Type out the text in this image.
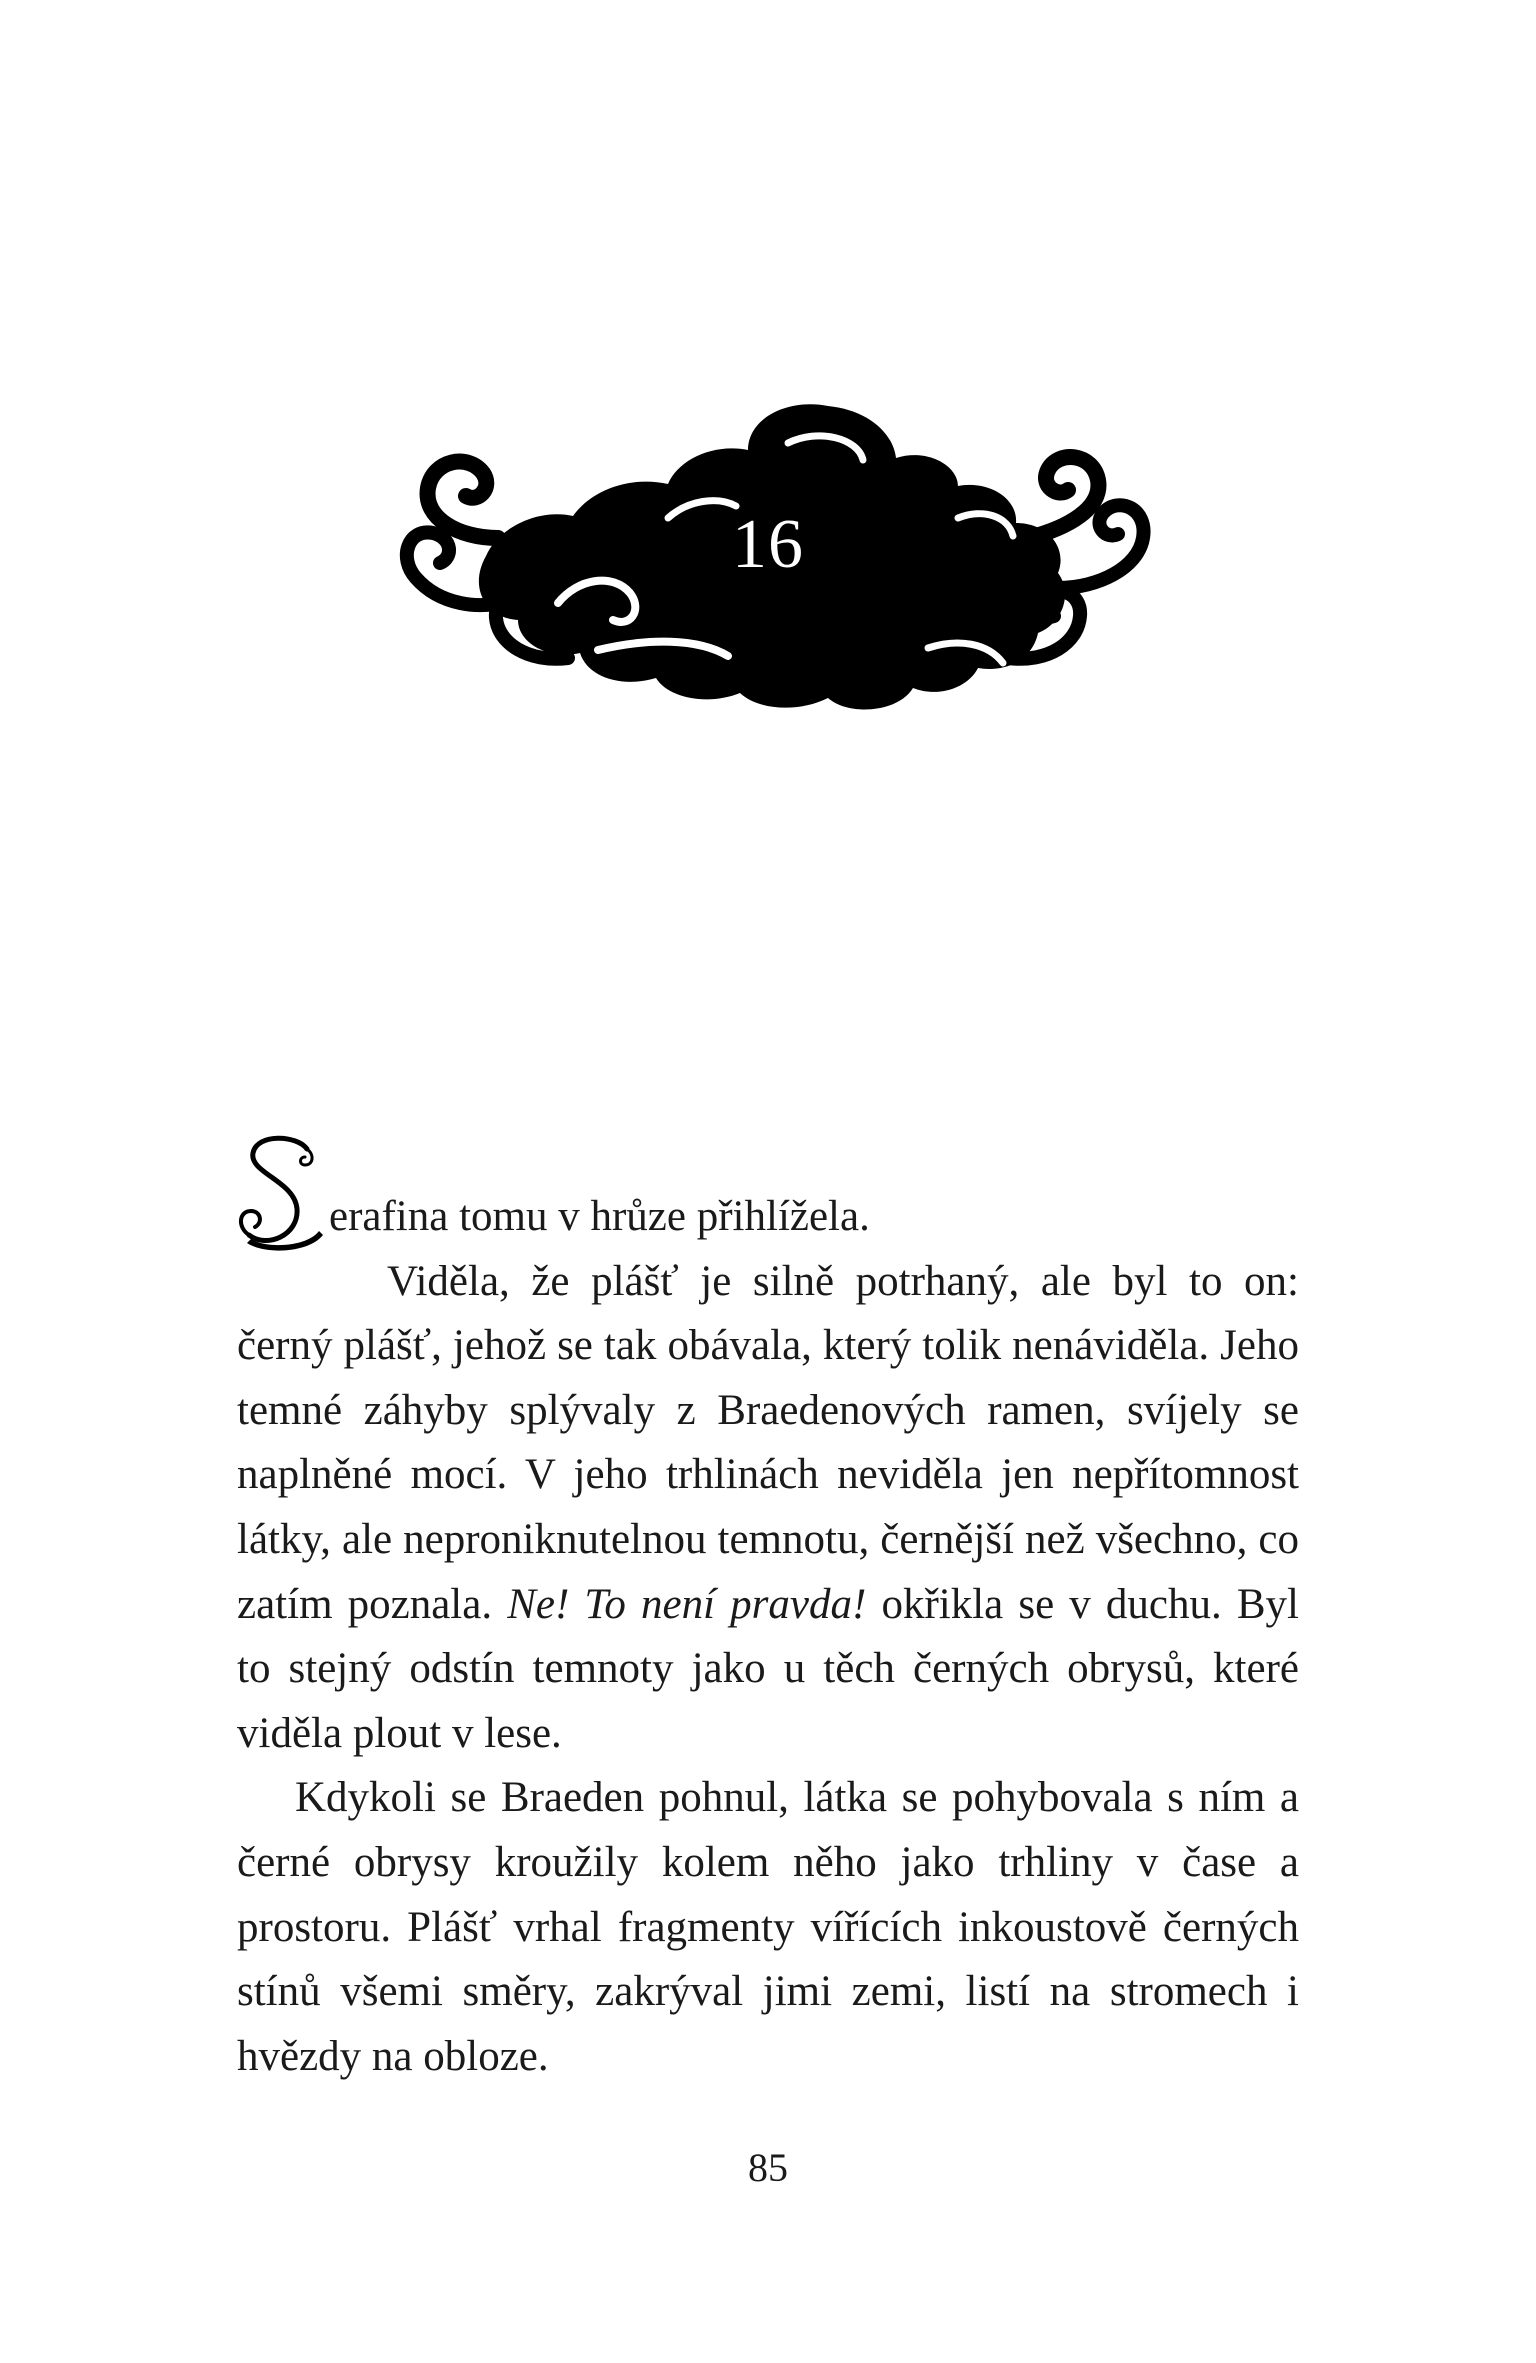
16

erafina tomu v hrůze přihlížela.

Viděla, že plášť je silně potrhaný, ale byl to on: černý plášť, jehož se tak obávala, který tolik nenáviděla. Jeho temné záhyby splývaly z Braedenových ramen, svíjely se naplněné mocí. V jeho trhlinách neviděla jen nepřítomnost látky, ale neproniknutelnou temnotu, černější než všechno, co zatím poznala. Ne! To není pravda! okřikla se v duchu. Byl to stejný odstín temnoty jako u těch černých obrysů, které viděla plout v lese.

Kdykoli se Braeden pohnul, látka se pohybovala s ním a černé obrysy kroužily kolem něho jako trhliny v čase a prostoru. Plášť vrhal fragmenty vířících inkoustově černých stínů všemi směry, zakrýval jimi zemi, listí na stromech i hvězdy na obloze.

85
